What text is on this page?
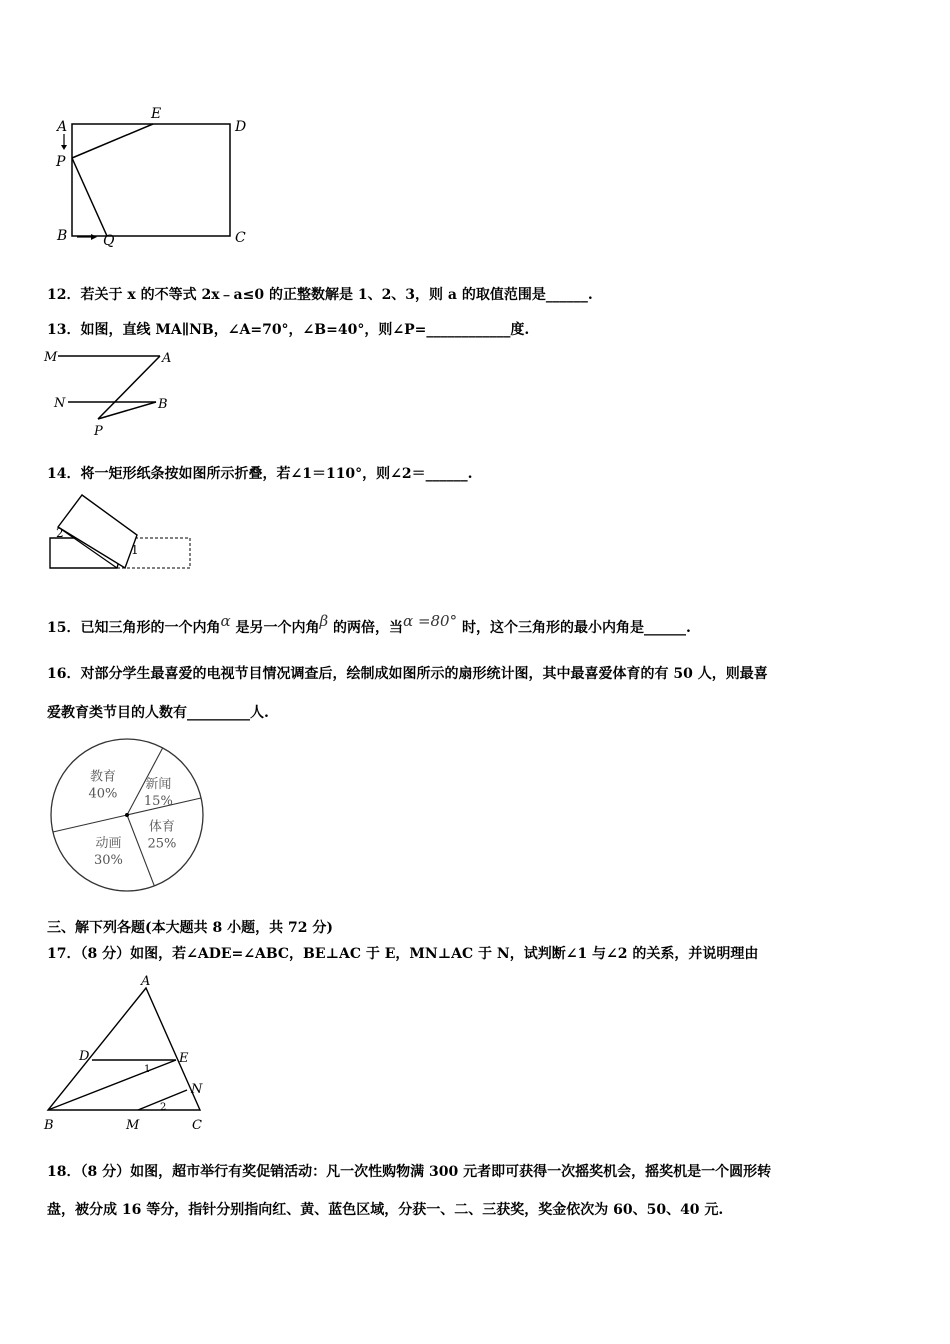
A
E
D
P
B	Q	C
12．若关于 x 的不等式 2x﹣a≤0 的正整数解是 1、2、3，则 a 的取值范围是______.
13．如图，直线 MA∥NB，∠A=70°，∠B=40°，则∠P=____________度.
M	A
N	B
P
14．将一矩形纸条按如图所示折叠，若∠1＝110°，则∠2＝______.
2
1
15．已知三角形的一个内角α 是另一个内角β 的两倍，当α =80° 时，这个三角形的最小内角是______.
16．对部分学生最喜爱的电视节目情况调查后，绘制成如图所示的扇形统计图，其中最喜爱体育的有 50 人，则最喜
爱教育类节目的人数有_________人.
新闻
15%
体育
25%
动画
30%
教育
40%
三、解下列各题(本大题共 8 小题，共 72 分)
17．（8 分）如图，若∠ADE=∠ABC，BE⊥AC 于 E，MN⊥AC 于 N，试判断∠1 与∠2 的关系，并说明理由
A
D	E
N
B	M	C
1
2
18．（8 分）如图，超市举行有奖促销活动：凡一次性购物满 300 元者即可获得一次摇奖机会，摇奖机是一个圆形转
盘，被分成 16 等分，指针分别指向红、黄、蓝色区域，分获一、二、三获奖，奖金依次为 60、50、40 元.
